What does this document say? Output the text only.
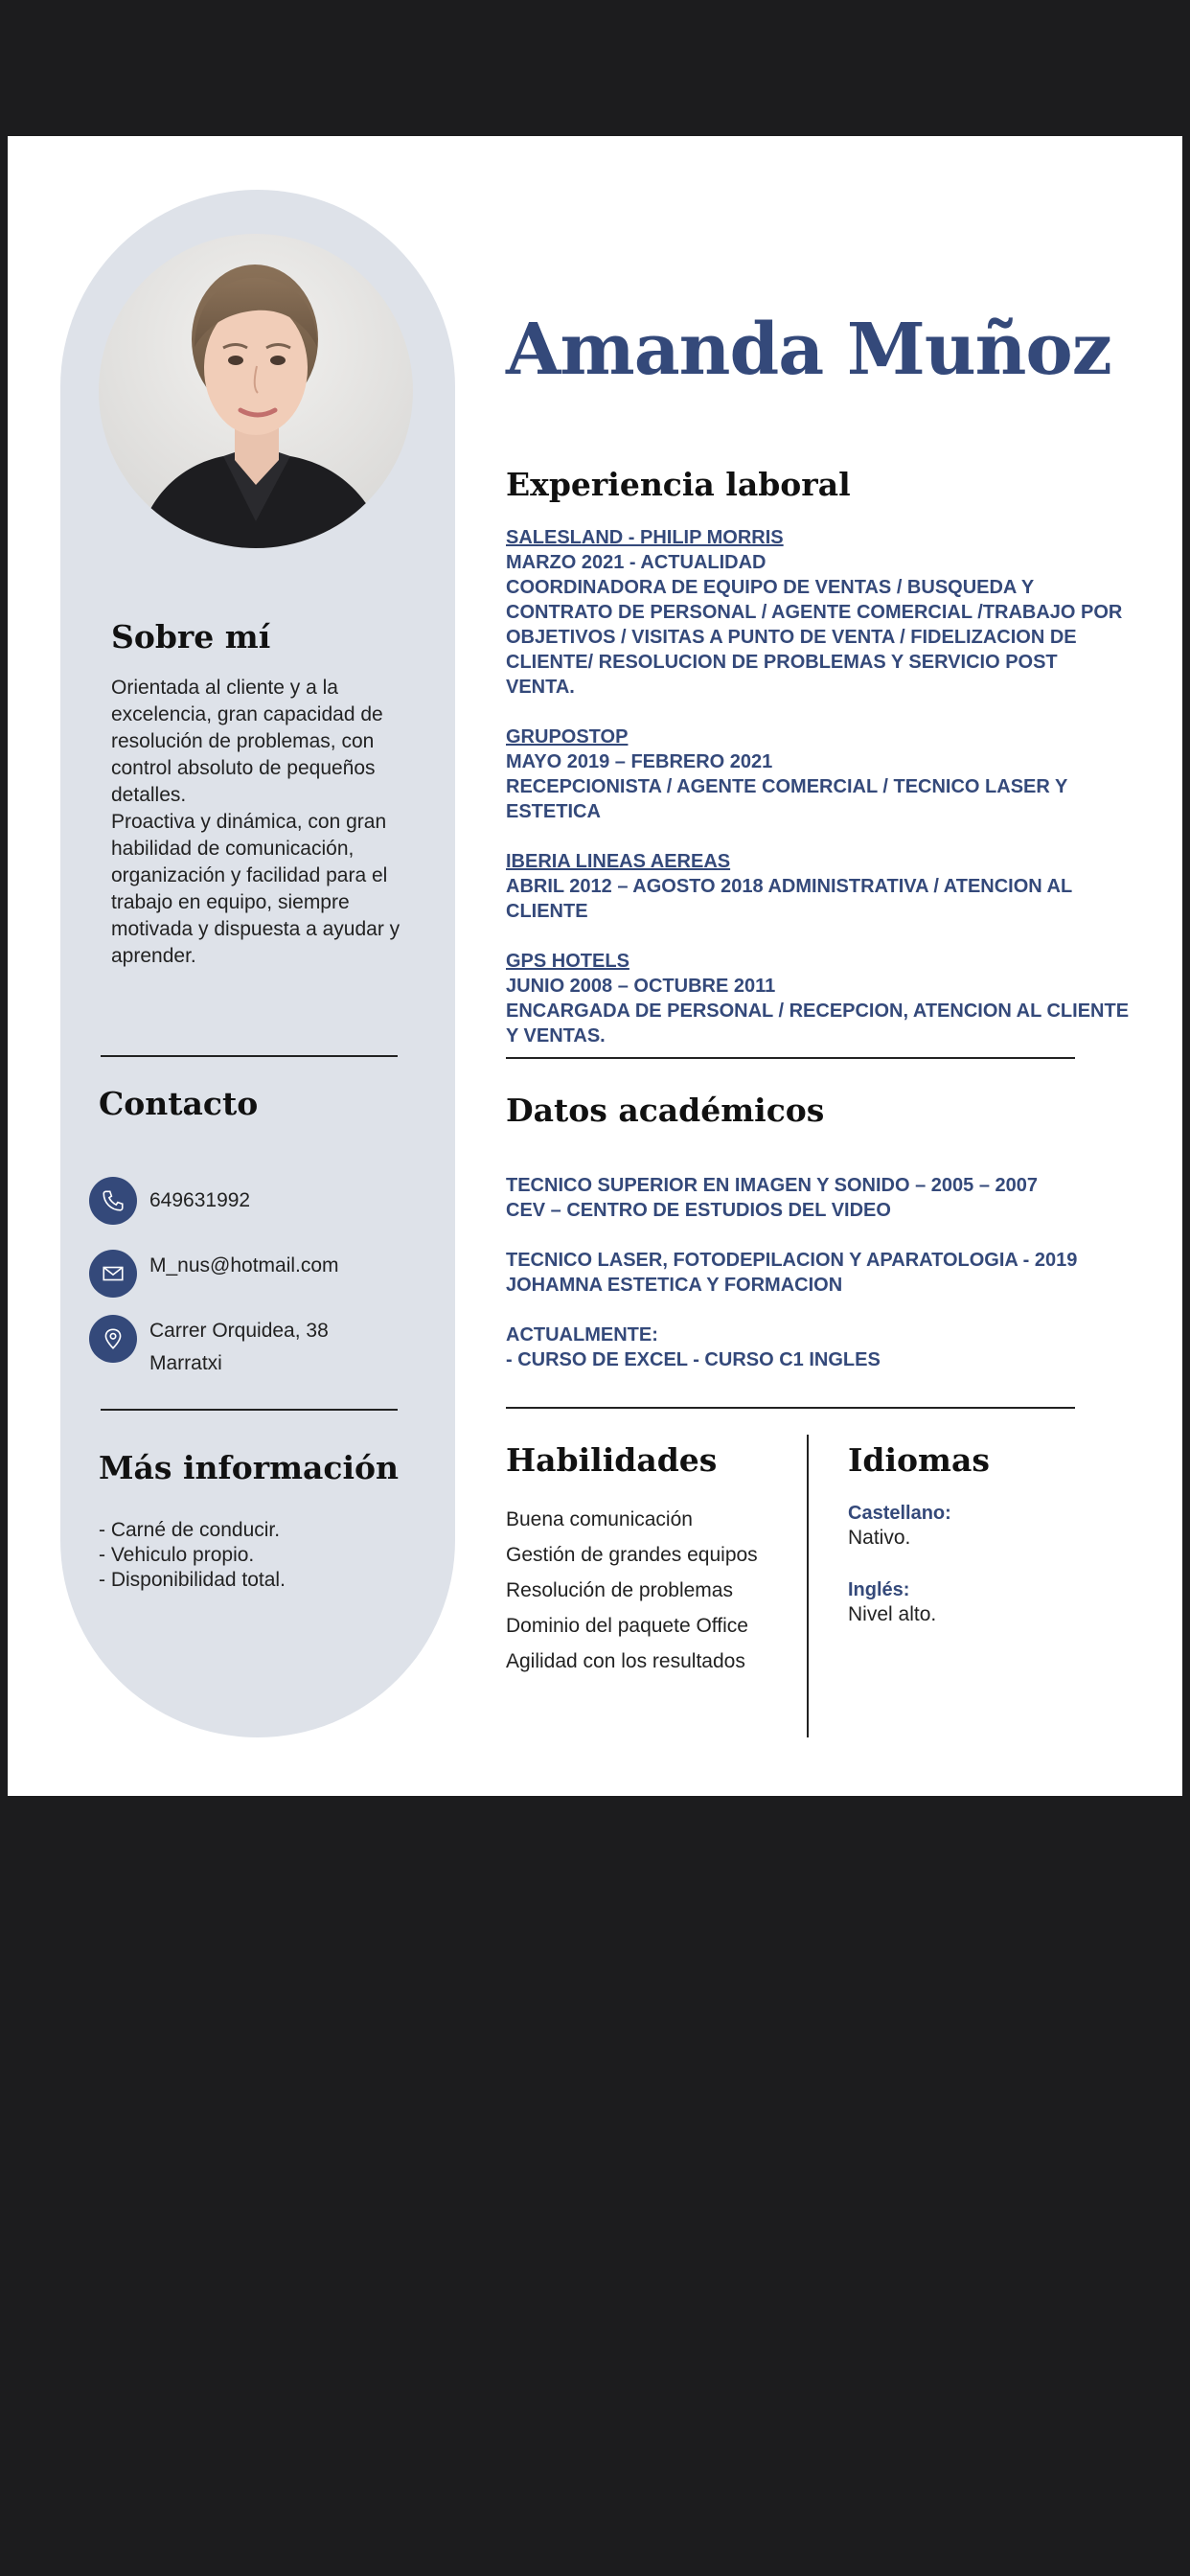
Sobre mí
Orientada al cliente y a la
excelencia, gran capacidad de
resolución de problemas, con
control absoluto de pequeños
detalles.
Proactiva y dinámica, con gran
habilidad de comunicación,
organización y facilidad para el
trabajo en equipo, siempre
motivada y dispuesta a ayudar y
aprender.
Contacto
649631992
M_nus@hotmail.com
Carrer Orquidea, 38
Marratxi
Más información
- Carné de conducir.
- Vehiculo propio.
- Disponibilidad total.
Amanda Muñoz
Experiencia laboral
SALESLAND - PHILIP MORRIS
MARZO 2021 - ACTUALIDAD
COORDINADORA DE EQUIPO DE VENTAS / BUSQUEDA Y
CONTRATO DE PERSONAL / AGENTE COMERCIAL /TRABAJO POR
OBJETIVOS / VISITAS A PUNTO DE VENTA / FIDELIZACION DE
CLIENTE/ RESOLUCION DE PROBLEMAS Y SERVICIO POST
VENTA.
GRUPOSTOP
MAYO 2019 – FEBRERO 2021
RECEPCIONISTA / AGENTE COMERCIAL / TECNICO LASER Y
ESTETICA
IBERIA LINEAS AEREAS
ABRIL 2012 – AGOSTO 2018 ADMINISTRATIVA / ATENCION AL
CLIENTE
GPS HOTELS
JUNIO 2008 – OCTUBRE 2011
ENCARGADA DE PERSONAL / RECEPCION, ATENCION AL CLIENTE
Y VENTAS.
Datos académicos
TECNICO SUPERIOR EN IMAGEN Y SONIDO – 2005 – 2007
CEV – CENTRO DE ESTUDIOS DEL VIDEO
TECNICO LASER, FOTODEPILACION Y APARATOLOGIA - 2019
JOHAMNA ESTETICA Y FORMACION
ACTUALMENTE:
- CURSO DE EXCEL - CURSO C1 INGLES
Habilidades
Buena comunicación
Gestión de grandes equipos
Resolución de problemas
Dominio del paquete Office
Agilidad con los resultados
Idiomas
Castellano:
Nativo.
Inglés:
Nivel alto.
